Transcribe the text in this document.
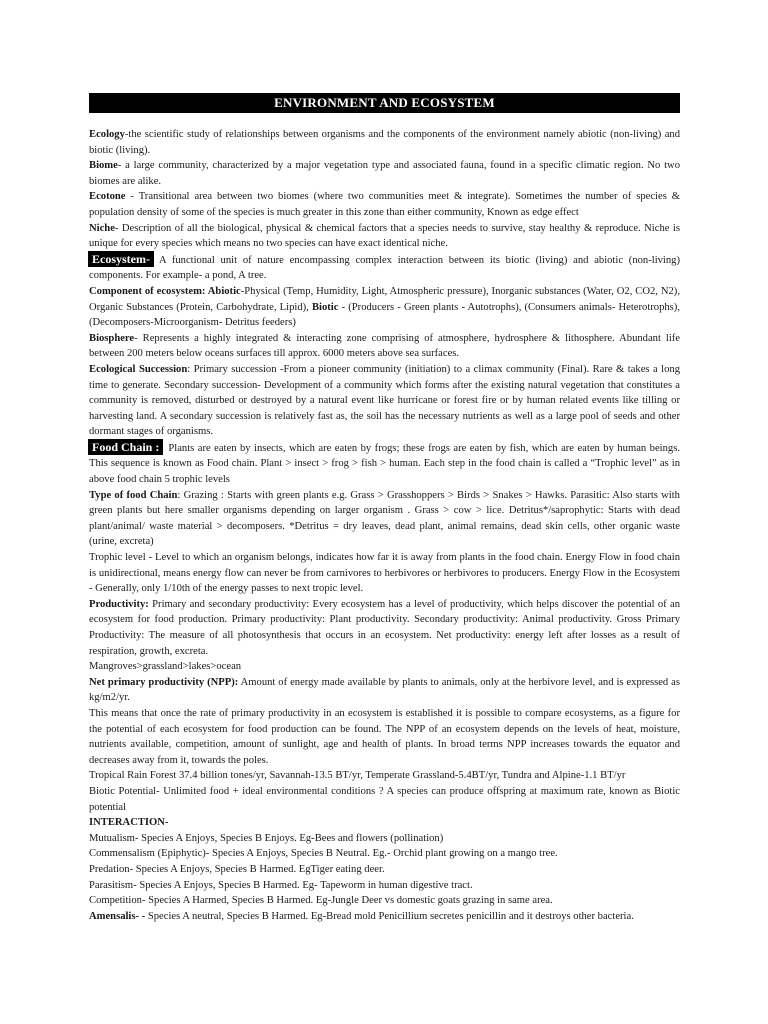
ENVIRONMENT AND ECOSYSTEM

Ecology-the scientific study of relationships between organisms and the components of the environment namely abiotic (non-living) and biotic (living).

Biome- a large community, characterized by a major vegetation type and associated fauna, found in a specific climatic region. No two biomes are alike.

Ecotone - Transitional area between two biomes (where two communities meet & integrate). Sometimes the number of species & population density of some of the species is much greater in this zone than either community, Known as edge effect

Niche- Description of all the biological, physical & chemical factors that a species needs to survive, stay healthy & reproduce. Niche is unique for every species which means no two species can have exact identical niche.

Ecosystem- A functional unit of nature encompassing complex interaction between its biotic (living) and abiotic (non-living) components. For example- a pond, A tree.

Component of ecosystem: Abiotic-Physical (Temp, Humidity, Light, Atmospheric pressure), Inorganic substances (Water, O2, CO2, N2), Organic Substances (Protein, Carbohydrate, Lipid), Biotic - (Producers - Green plants - Autotrophs), (Consumers animals- Heterotrophs), (Decomposers-Microorganism- Detritus feeders)

Biosphere- Represents a highly integrated & interacting zone comprising of atmosphere, hydrosphere & lithosphere. Abundant life between 200 meters below oceans surfaces till approx. 6000 meters above sea surfaces.

Ecological Succession: Primary succession -From a pioneer community (initiation) to a climax community (Final). Rare & takes a long time to generate. Secondary succession- Development of a community which forms after the existing natural vegetation that constitutes a community is removed, disturbed or destroyed by a natural event like hurricane or forest fire or by human related events like tilling or harvesting land. A secondary succession is relatively fast as, the soil has the necessary nutrients as well as a large pool of seeds and other dormant stages of organisms.

Food Chain : Plants are eaten by insects, which are eaten by frogs; these frogs are eaten by fish, which are eaten by human beings. This sequence is known as Food chain. Plant > insect > frog > fish > human. Each step in the food chain is called a “Trophic level” as in above food chain 5 trophic levels

Type of food Chain: Grazing : Starts with green plants e.g. Grass > Grasshoppers > Birds > Snakes > Hawks. Parasitic: Also starts with green plants but here smaller organisms depending on larger organism . Grass > cow > lice. Detritus*/saprophytic: Starts with dead plant/animal/ waste material > decomposers. *Detritus = dry leaves, dead plant, animal remains, dead skin cells, other organic waste (urine, excreta)

Trophic level - Level to which an organism belongs, indicates how far it is away from plants in the food chain. Energy Flow in food chain is unidirectional, means energy flow can never be from carnivores to herbivores or herbivores to producers. Energy Flow in the Ecosystem - Generally, only 1/10th of the energy passes to next tropic level.

Productivity: Primary and secondary productivity: Every ecosystem has a level of productivity, which helps discover the potential of an ecosystem for food production. Primary productivity: Plant productivity. Secondary productivity: Animal productivity. Gross Primary Productivity: The measure of all photosynthesis that occurs in an ecosystem. Net productivity: energy left after losses as a result of respiration, growth, excreta.

Mangroves>grassland>lakes>ocean

Net primary productivity (NPP): Amount of energy made available by plants to animals, only at the herbivore level, and is expressed as kg/m2/yr.

This means that once the rate of primary productivity in an ecosystem is established it is possible to compare ecosystems, as a figure for the potential of each ecosystem for food production can be found. The NPP of an ecosystem depends on the levels of heat, moisture, nutrients available, competition, amount of sunlight, age and health of plants. In broad terms NPP increases towards the equator and decreases away from it, towards the poles.

Tropical Rain Forest 37.4 billion tones/yr, Savannah-13.5 BT/yr, Temperate Grassland-5.4BT/yr, Tundra and Alpine-1.1 BT/yr

Biotic Potential- Unlimited food + ideal environmental conditions ? A species can produce offspring at maximum rate, known as Biotic potential

INTERACTION-

Mutualism- Species A Enjoys, Species B Enjoys. Eg-Bees and flowers (pollination)

Commensalism (Epiphytic)- Species A Enjoys, Species B Neutral. Eg.- Orchid plant growing on a mango tree.

Predation- Species A Enjoys, Species B Harmed. EgTiger eating deer.

Parasitism- Species A Enjoys, Species B Harmed. Eg- Tapeworm in human digestive tract.

Competition- Species A Harmed, Species B Harmed. Eg-Jungle Deer vs domestic goats grazing in same area.

Amensalis- - Species A neutral, Species B Harmed. Eg-Bread mold Penicillium secretes penicillin and it destroys other bacteria.
